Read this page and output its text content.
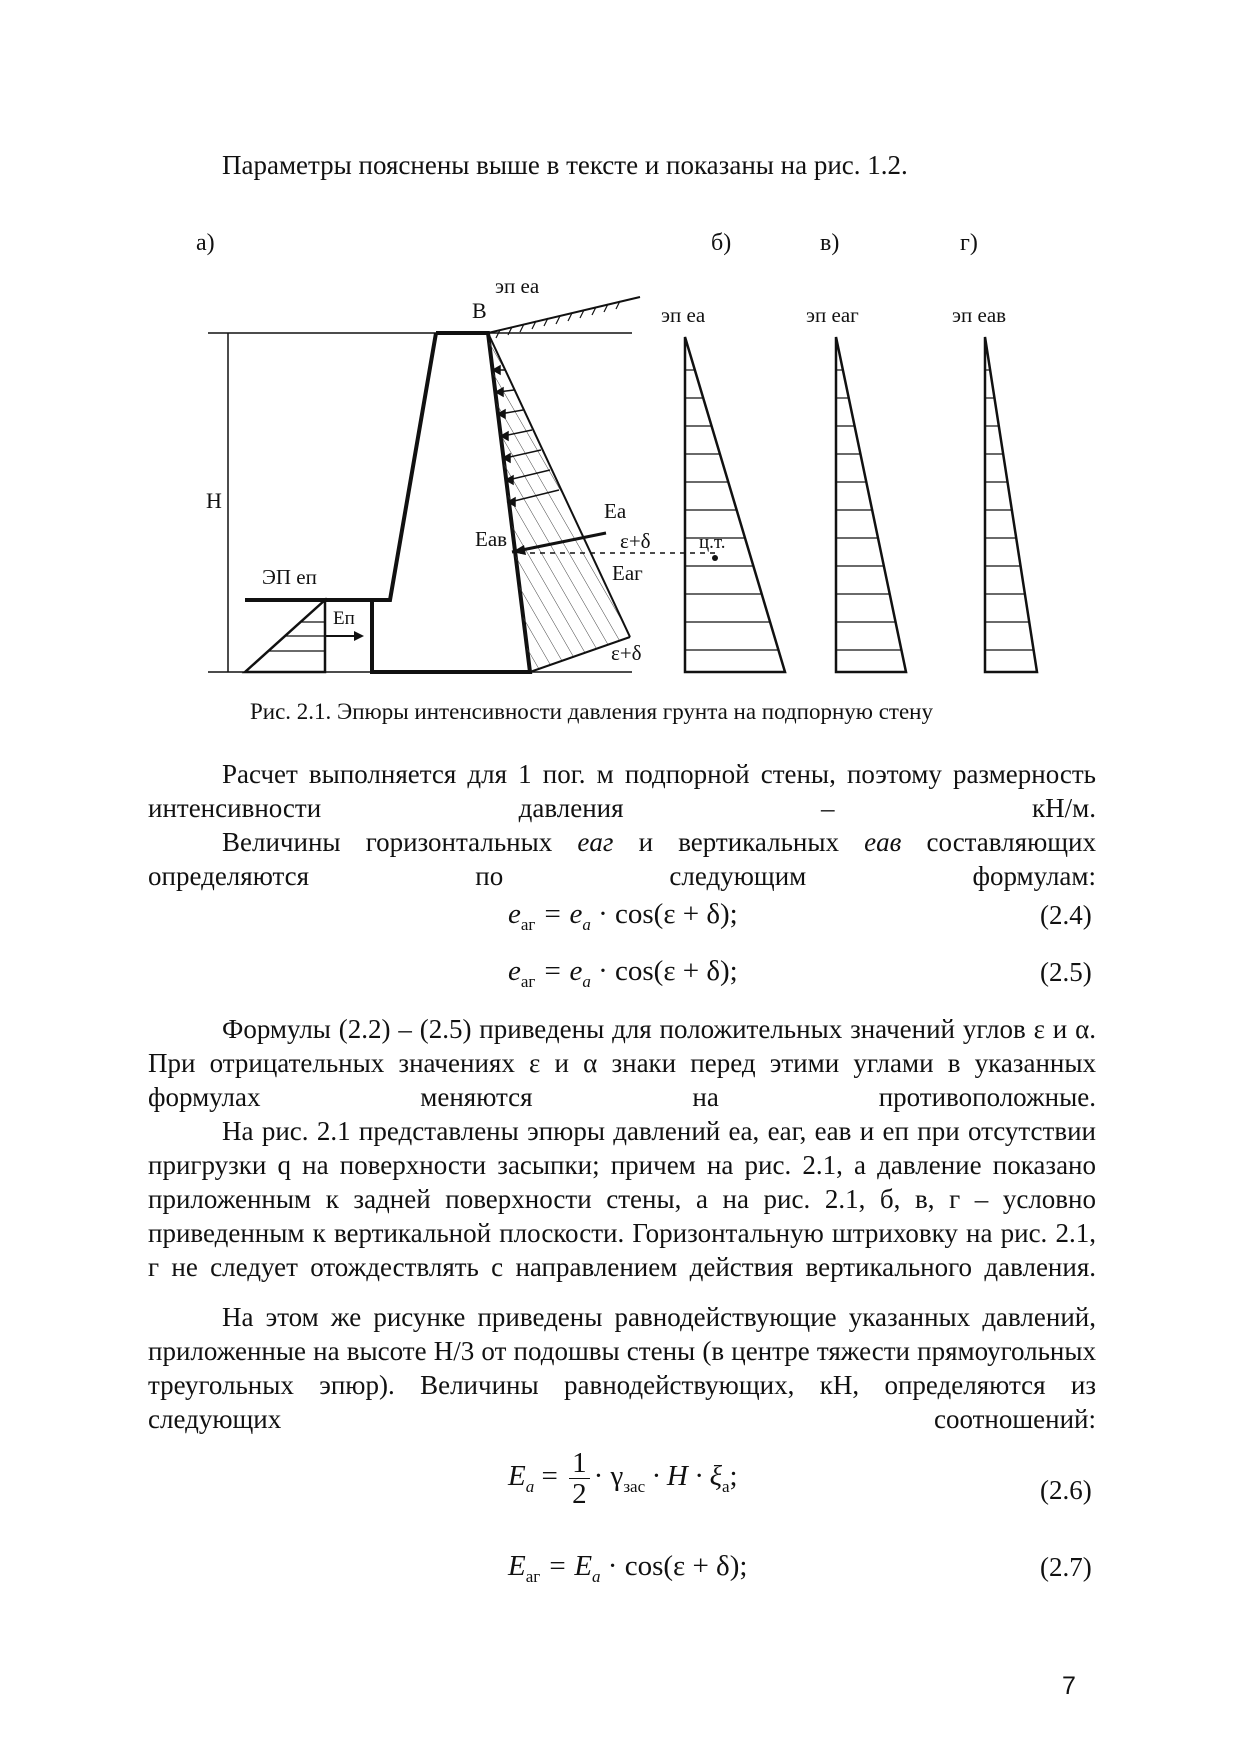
Параметры пояснены выше в тексте и показаны на рис. 1.2.

а)	б)	в)	г)
эп ea
B
H	Eа
Eав	ε+δ	ц.т.
Eаг
ε+δ
ЭП eп
Eп
эп ea	эп eаг	эп eав
Рис. 2.1. Эпюры интенсивности давления грунта на подпорную стену

Расчет выполняется для 1 пог. м подпорной стены, поэтому размерность интенсивности давления – кН/м.

Величины горизонтальных eаг и вертикальных eав составляющих определяются по следующим формулам:

$e_{аг} = e_a \cdot \cos(\varepsilon + \delta)$;	(2.4)
$e_{аг} = e_a \cdot \cos(\varepsilon + \delta)$;	(2.5)

Формулы (2.2) – (2.5) приведены для положительных значений углов ε и α. При отрицательных значениях ε и α знаки перед этими углами в указанных формулах меняются на противоположные.

На рис. 2.1 представлены эпюры давлений eа, eаг, eав и eп при отсутствии пригрузки q на поверхности засыпки; причем на рис. 2.1, а давление показано приложенным к задней поверхности стены, а на рис. 2.1, б, в, г – условно приведенным к вертикальной плоскости. Горизонтальную штриховку на рис. 2.1, г не следует отождествлять с направлением действия вертикального давления.

На этом же рисунке приведены равнодействующие указанных давлений, приложенные на высоте H/3 от подошвы стены (в центре тяжести прямоугольных треугольных эпюр). Величины равнодействующих, кН, определяются из следующих соотношений:

$E_a = \frac{1}{2} \cdot \gamma_{зас} \cdot H \cdot \xi_а$;	(2.6)
$E_{аг} = E_a \cdot \cos(\varepsilon + \delta)$;	(2.7)
7
